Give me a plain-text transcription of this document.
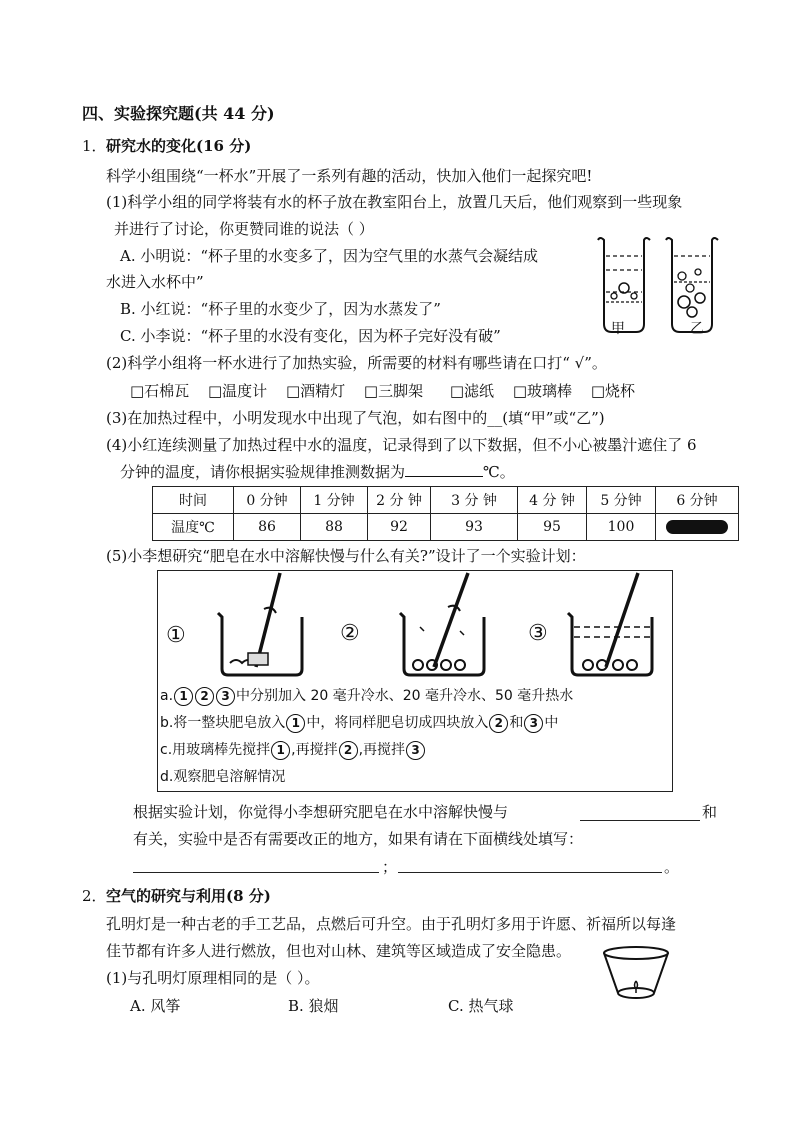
四、实验探究题(共 44 分)
1． 研究水的变化(16 分)
科学小组围绕“一杯水”开展了一系列有趣的活动，快加入他们一起探究吧!
(1)科学小组的同学将装有水的杯子放在教室阳台上，放置几天后，他们观察到一些现象
并进行了讨论，你更赞同谁的说法（ ）
A. 小明说：“杯子里的水变多了，因为空气里的水蒸气会凝结成
水进入水杯中”
B. 小红说：“杯子里的水变少了，因为水蒸发了”
C. 小李说：“杯子里的水没有变化，因为杯子完好没有破”	甲	乙
(2)科学小组将一杯水进行了加热实验，所需要的材料有哪些请在口打“ √”。
□石棉瓦 □温度计 □酒精灯 □三脚架 □滤纸 □玻璃棒 □烧杯
(3)在加热过程中，小明发现水中出现了气泡，如右图中的__(填“甲”或“乙”)
(4)小红连续测量了加热过程中水的温度，记录得到了以下数据，但不小心被墨汁遮住了 6
分钟的温度，请你根据实验规律推测数据为	℃。
时间	0 分钟	1 分钟	2 分 钟	3 分 钟	4 分 钟	5 分钟	6 分钟
温度℃	86	88	92	93	95	100	
(5)小李想研究“肥皂在水中溶解快慢与什么有关?”设计了一个实验计划：
①	②	③
a. 1 2 3 中分别加入 20 毫升冷水、20 毫升冷水、50 毫升热水
b.将一整块肥皂放入 1 中，将同样肥皂切成四块放入 2 和 3 中
c.用玻璃棒先搅拌 1 ,再搅拌 2 ,再搅拌 3
d.观察肥皂溶解情况
根据实验计划，你觉得小李想研究肥皂在水中溶解快慢与	和
有关，实验中是否有需要改正的地方，如果有请在下面横线处填写：
；	。
2． 空气的研究与利用(8 分)
孔明灯是一种古老的手工艺品，点燃后可升空。由于孔明灯多用于许愿、祈福所以每逢
佳节都有许多人进行燃放，但也对山林、建筑等区域造成了安全隐患。
(1)与孔明灯原理相同的是（ ）。
A. 风筝	B. 狼烟	C. 热气球
